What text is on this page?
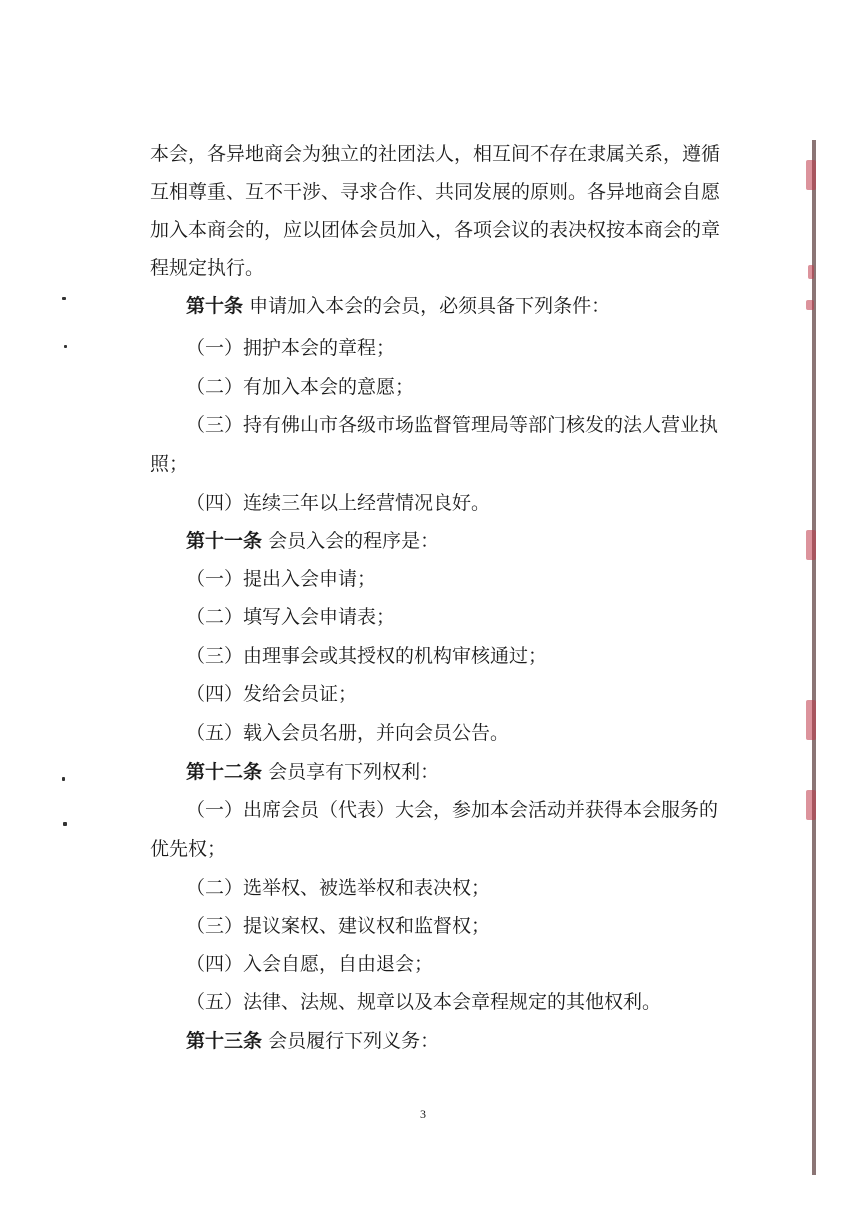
本会，各异地商会为独立的社团法人，相互间不存在隶属关系，遵循
互相尊重、互不干涉、寻求合作、共同发展的原则。各异地商会自愿
加入本商会的，应以团体会员加入，各项会议的表决权按本商会的章
程规定执行。
第十条 申请加入本会的会员，必须具备下列条件：
（一）拥护本会的章程；
（二）有加入本会的意愿；
（三）持有佛山市各级市场监督管理局等部门核发的法人营业执
照；
（四）连续三年以上经营情况良好。
第十一条 会员入会的程序是：
（一）提出入会申请；
（二）填写入会申请表；
（三）由理事会或其授权的机构审核通过；
（四）发给会员证；
（五）载入会员名册，并向会员公告。
第十二条 会员享有下列权利：
（一）出席会员（代表）大会，参加本会活动并获得本会服务的
优先权；
（二）选举权、被选举权和表决权；
（三）提议案权、建议权和监督权；
（四）入会自愿，自由退会；
（五）法律、法规、规章以及本会章程规定的其他权利。
第十三条 会员履行下列义务：
3
